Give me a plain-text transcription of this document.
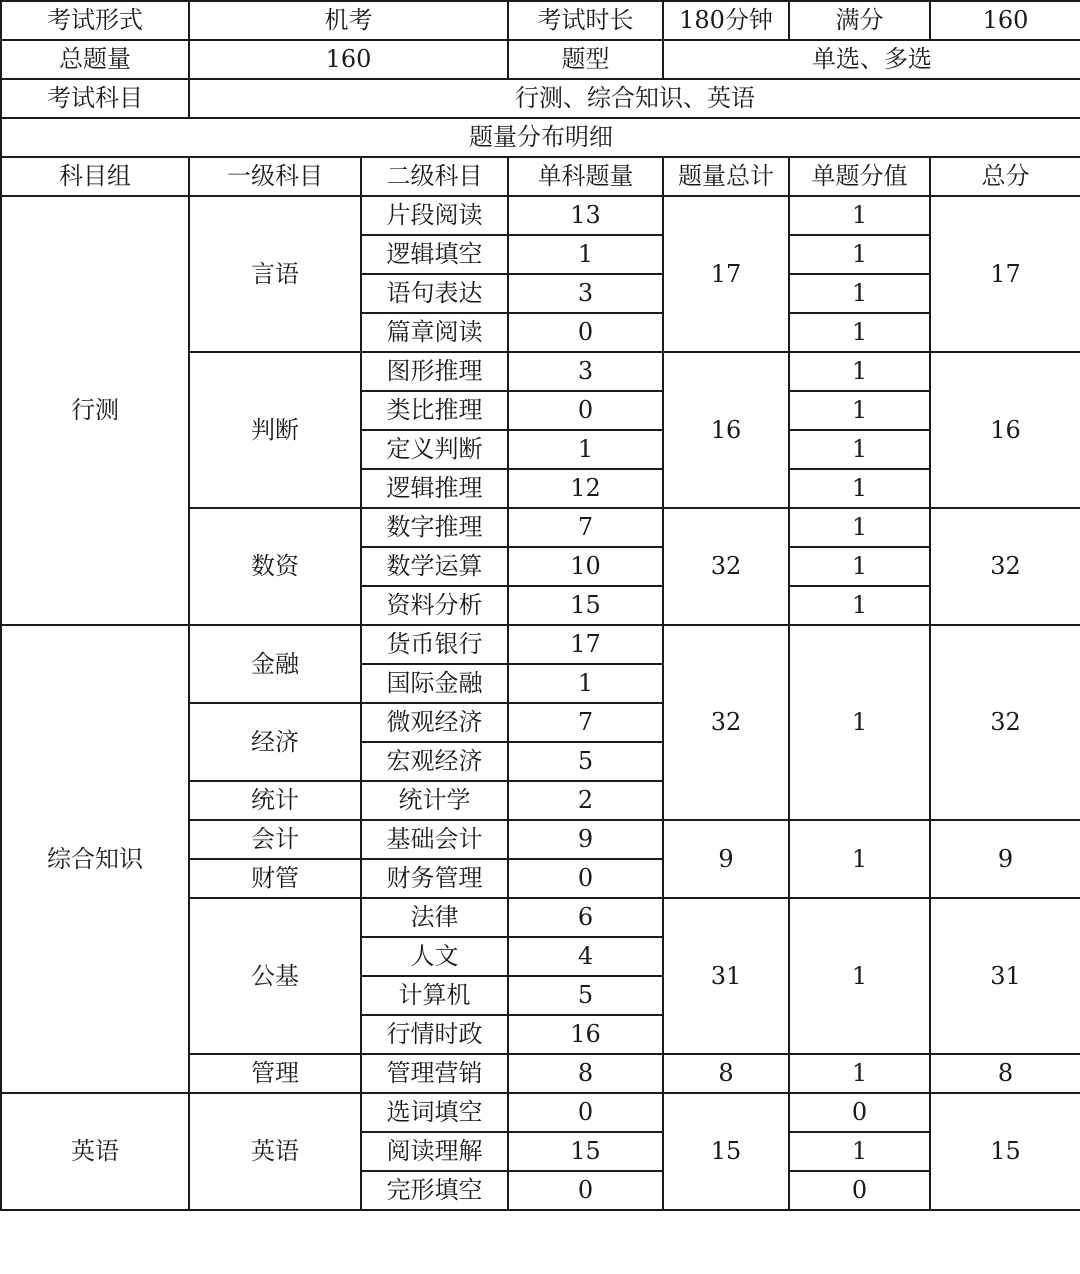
考试形式	机考		考试时长	180分钟	满分	160
总题量	160		题型	单选、多选		
考试科目	行测、综合知识、英语					
题量分布明细						
科目组	一级科目	二级科目	单科题量	题量总计	单题分值	总分
行测	言语	片段阅读	13	17	1	17
		逻辑填空	1		1	
		语句表达	3		1	
		篇章阅读	0		1	
	判断	图形推理	3	16	1	16
		类比推理	0		1	
		定义判断	1		1	
		逻辑推理	12		1	
	数资	数字推理	7	32	1	32
		数学运算	10		1	
		资料分析	15		1	
综合知识	金融	货币银行	17	32	1	32
		国际金融	1			
	经济	微观经济	7			
		宏观经济	5			
	统计	统计学	2			
	会计	基础会计	9	9	1	9
	财管	财务管理	0			
	公基	法律	6	31	1	31
		人文	4			
		计算机	5			
		行情时政	16			
	管理	管理营销	8	8	1	8
英语	英语	选词填空	0	15	0	15
		阅读理解	15		1	
		完形填空	0		0	
